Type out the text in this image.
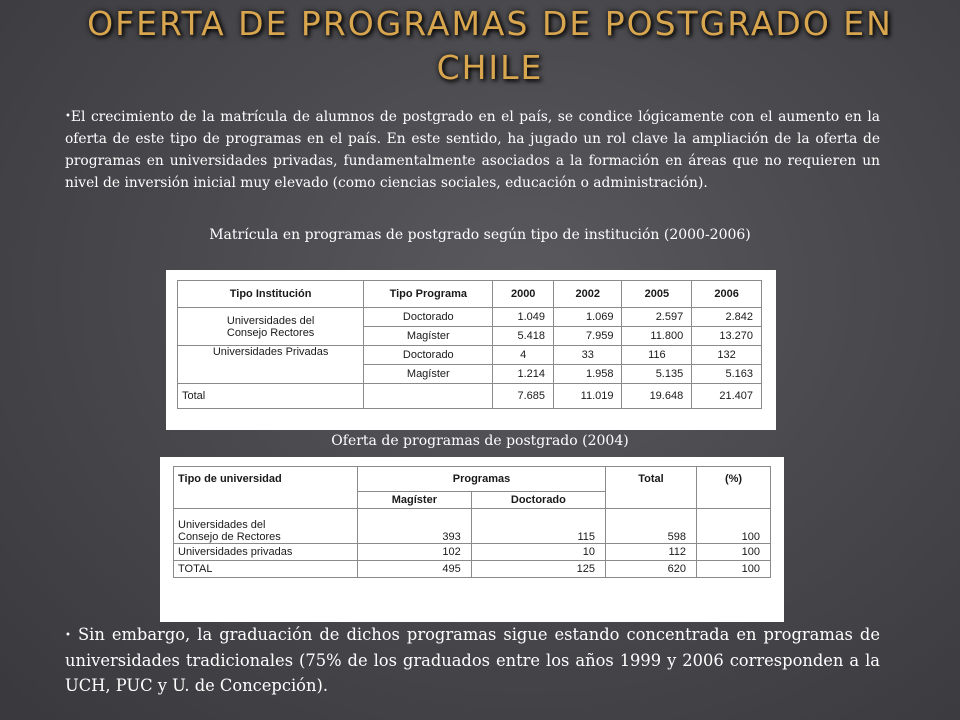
OFERTA DE PROGRAMAS DE POSTGRADO EN CHILE

•El crecimiento de la matrícula de alumnos de postgrado en el país, se condice lógicamente con el aumento en la oferta de este tipo de programas en el país. En este sentido, ha jugado un rol clave la ampliación de la oferta de programas en universidades privadas, fundamentalmente asociados a la formación en áreas que no requieren un nivel de inversión inicial muy elevado (como ciencias sociales, educación o administración).

Matrícula en programas de postgrado según tipo de institución (2000-2006)

Tipo Institución	Tipo Programa	2000	2002	2005	2006
Universidades del
Consejo Rectores	Doctorado	1.049	1.069	2.597	2.842
	Magíster	5.418	7.959	11.800	13.270
Universidades Privadas	Doctorado	4	33	116	132
	Magíster	1.214	1.958	5.135	5.163
Total		7.685	11.019	19.648	21.407

Oferta de programas de postgrado (2004)

Tipo de universidad	Programas		Total	(%)
	Magíster	Doctorado		
Universidades del
Consejo de Rectores	393	115	598	100
Universidades privadas	102	10	112	100
TOTAL	495	125	620	100

• Sin embargo, la graduación de dichos programas sigue estando concentrada en programas de universidades tradicionales (75% de los graduados entre los años 1999 y 2006 corresponden a la UCH, PUC y U. de Concepción).
